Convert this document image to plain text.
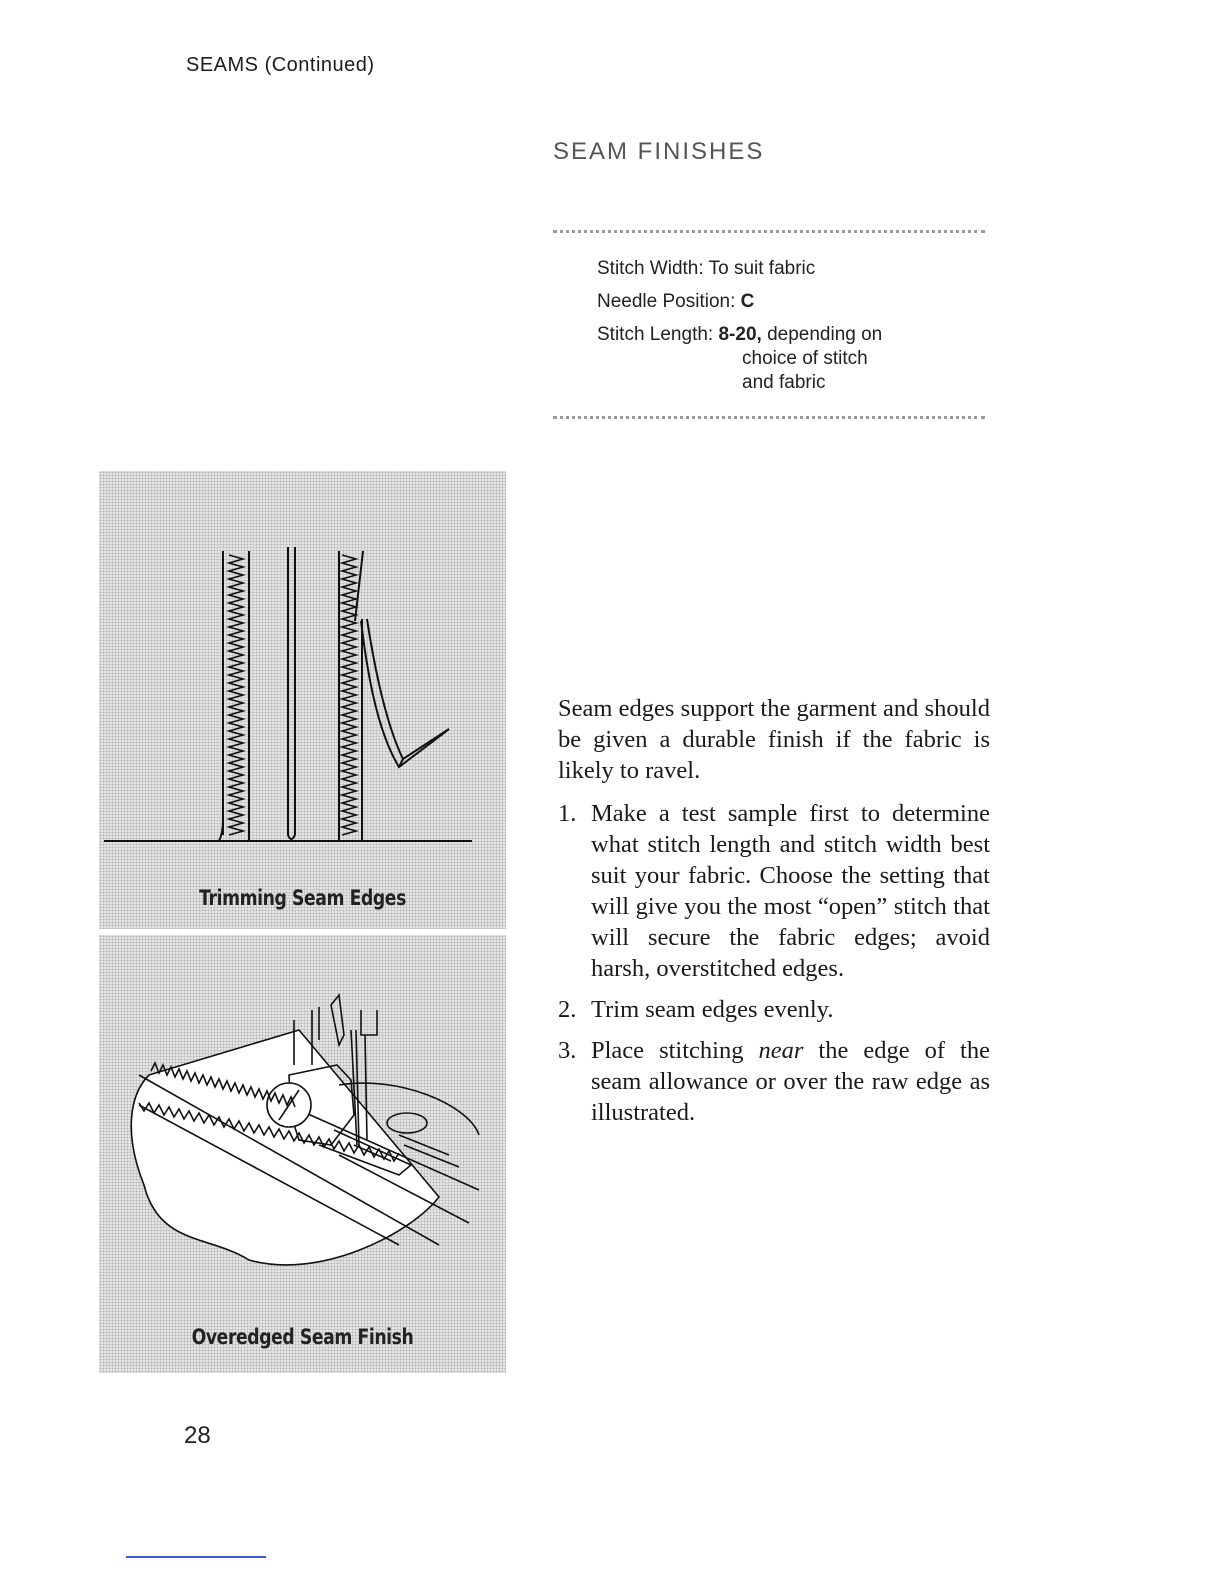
SEAMS (Continued)
SEAM FINISHES
Stitch Width: To suit fabric
Needle Position: C
Stitch Length: 8-20, depending on
choice of stitch
and fabric
Trimming Seam Edges
Overedged Seam Finish

Seam edges support the garment and should be given a durable finish if the fabric is likely to ravel.

1. Make a test sample first to determine what stitch length and stitch width best suit your fabric. Choose the setting that will give you the most “open” stitch that will secure the fabric edges; avoid harsh, overstitched edges.
2. Trim seam edges evenly.
3. Place stitching near the edge of the seam allowance or over the raw edge as illustrated.
28
